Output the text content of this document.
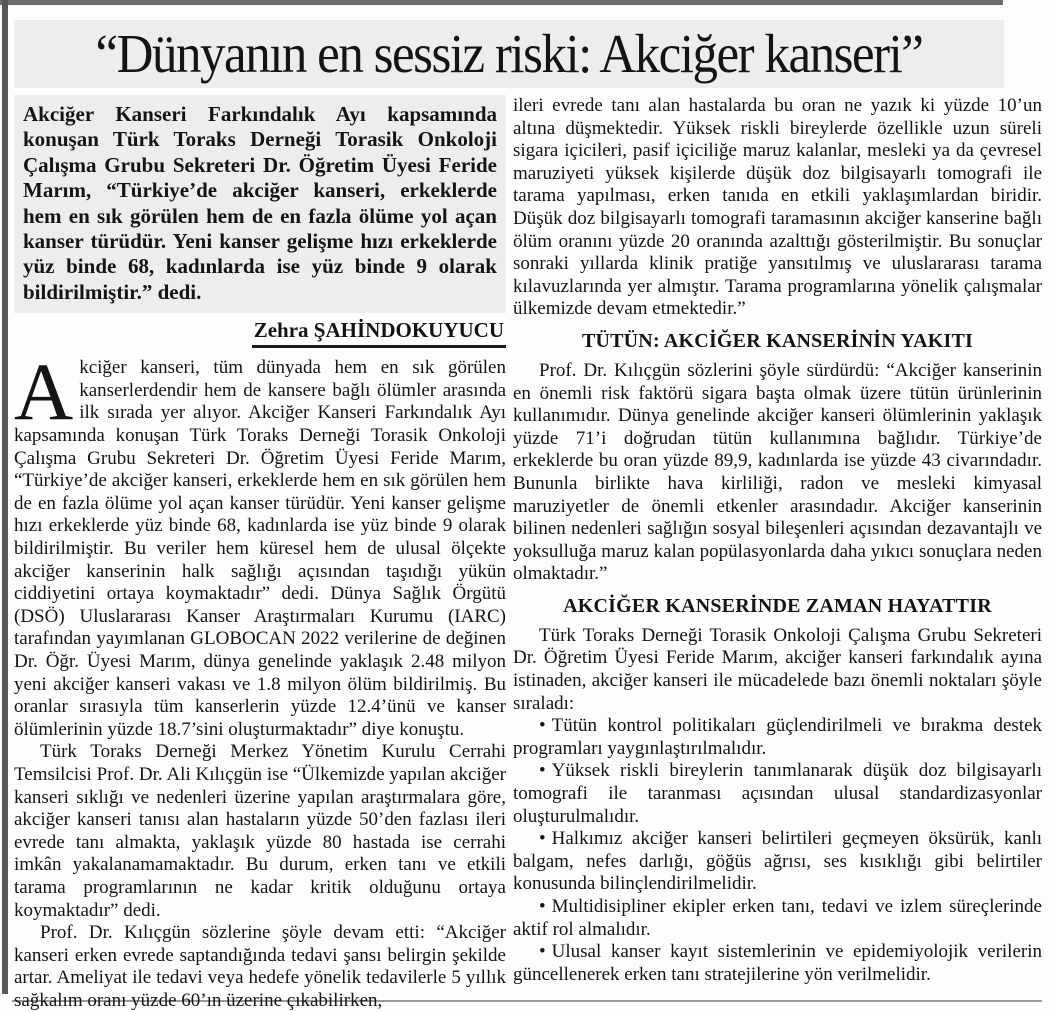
“Dünyanın en sessiz riski: Akciğer kanseri”
Akciğer Kanseri Farkındalık Ayı kapsamında konuşan Türk Toraks Derneği Torasik Onkoloji Çalışma Grubu Sekreteri Dr. Öğretim Üyesi Feride Marım, “Türkiye’de akciğer kanseri, erkeklerde hem en sık görülen hem de en fazla ölüme yol açan kanser türüdür. Yeni kanser gelişme hızı erkeklerde yüz binde 68, kadınlarda ise yüz binde 9 olarak bildirilmiştir.” dedi.
Zehra ŞAHİNDOKUYUCU

Akciğer kanseri, tüm dünyada hem en sık görülen kanserlerdendir hem de kansere bağlı ölümler arasında ilk sırada yer alıyor. Akciğer Kanseri Farkındalık Ayı kapsamında konuşan Türk Toraks Derneği Torasik Onkoloji Çalışma Grubu Sekreteri Dr. Öğretim Üyesi Feride Marım, “Türkiye’de akciğer kanseri, erkeklerde hem en sık görülen hem de en fazla ölüme yol açan kanser türüdür. Yeni kanser gelişme hızı erkeklerde yüz binde 68, kadınlarda ise yüz binde 9 olarak bildirilmiştir. Bu veriler hem küresel hem de ulusal ölçekte akciğer kanserinin halk sağlığı açısından taşıdığı yükün ciddiyetini ortaya koymaktadır” dedi. Dünya Sağlık Örgütü (DSÖ) Uluslararası Kanser Araştırmaları Kurumu (IARC) tarafından yayımlanan GLOBOCAN 2022 verilerine de değinen Dr. Öğr. Üyesi Marım, dünya genelinde yaklaşık 2.48 milyon yeni akciğer kanseri vakası ve 1.8 milyon ölüm bildirilmiş. Bu oranlar sırasıyla tüm kanserlerin yüzde 12.4’ünü ve kanser ölümlerinin yüzde 18.7’sini oluşturmaktadır” diye konuştu.

Türk Toraks Derneği Merkez Yönetim Kurulu Cerrahi Temsilcisi Prof. Dr. Ali Kılıçgün ise “Ülkemizde yapılan akciğer kanseri sıklığı ve nedenleri üzerine yapılan araştırmalara göre, akciğer kanseri tanısı alan hastaların yüzde 50’den fazlası ileri evrede tanı almakta, yaklaşık yüzde 80 hastada ise cerrahi imkân yakalanamamaktadır. Bu durum, erken tanı ve etkili tarama programlarının ne kadar kritik olduğunu ortaya koymaktadır” dedi.

Prof. Dr. Kılıçgün sözlerine şöyle devam etti: “Akciğer kanseri erken evrede saptandığında tedavi şansı belirgin şekilde artar. Ameliyat ile tedavi veya hedefe yönelik tedavilerle 5 yıllık sağkalım oranı yüzde 60’ın üzerine çıkabilirken,

ileri evrede tanı alan hastalarda bu oran ne yazık ki yüzde 10’un altına düşmektedir. Yüksek riskli bireylerde özellikle uzun süreli sigara içicileri, pasif içiciliğe maruz kalanlar, mesleki ya da çevresel maruziyeti yüksek kişilerde düşük doz bilgisayarlı tomografi ile tarama yapılması, erken tanıda en etkili yaklaşımlardan biridir. Düşük doz bilgisayarlı tomografi taramasının akciğer kanserine bağlı ölüm oranını yüzde 20 oranında azalttığı gösterilmiştir. Bu sonuçlar sonraki yıllarda klinik pratiğe yansıtılmış ve uluslararası tarama kılavuzlarında yer almıştır. Tarama programlarına yönelik çalışmalar ülkemizde devam etmektedir.”

TÜTÜN: AKCİĞER KANSERİNİN YAKITI

Prof. Dr. Kılıçgün sözlerini şöyle sürdürdü: “Akciğer kanserinin en önemli risk faktörü sigara başta olmak üzere tütün ürünlerinin kullanımıdır. Dünya genelinde akciğer kanseri ölümlerinin yaklaşık yüzde 71’i doğrudan tütün kullanımına bağlıdır. Türkiye’de erkeklerde bu oran yüzde 89,9, kadınlarda ise yüzde 43 civarındadır. Bununla birlikte hava kirliliği, radon ve mesleki kimyasal maruziyetler de önemli etkenler arasındadır. Akciğer kanserinin bilinen nedenleri sağlığın sosyal bileşenleri açısından dezavantajlı ve yoksulluğa maruz kalan popülasyonlarda daha yıkıcı sonuçlara neden olmaktadır.”

AKCİĞER KANSERİNDE ZAMAN HAYATTIR

Türk Toraks Derneği Torasik Onkoloji Çalışma Grubu Sekreteri Dr. Öğretim Üyesi Feride Marım, akciğer kanseri farkındalık ayına istinaden, akciğer kanseri ile mücadelede bazı önemli noktaları şöyle sıraladı:

• Tütün kontrol politikaları güçlendirilmeli ve bırakma destek programları yaygınlaştırılmalıdır.

• Yüksek riskli bireylerin tanımlanarak düşük doz bilgisayarlı tomografi ile taranması açısından ulusal standardizasyonlar oluşturulmalıdır.

• Halkımız akciğer kanseri belirtileri geçmeyen öksürük, kanlı balgam, nefes darlığı, göğüs ağrısı, ses kısıklığı gibi belirtiler konusunda bilinçlendirilmelidir.

• Multidisipliner ekipler erken tanı, tedavi ve izlem süreçlerinde aktif rol almalıdır.

• Ulusal kanser kayıt sistemlerinin ve epidemiyolojik verilerin güncellenerek erken tanı stratejilerine yön verilmelidir.
